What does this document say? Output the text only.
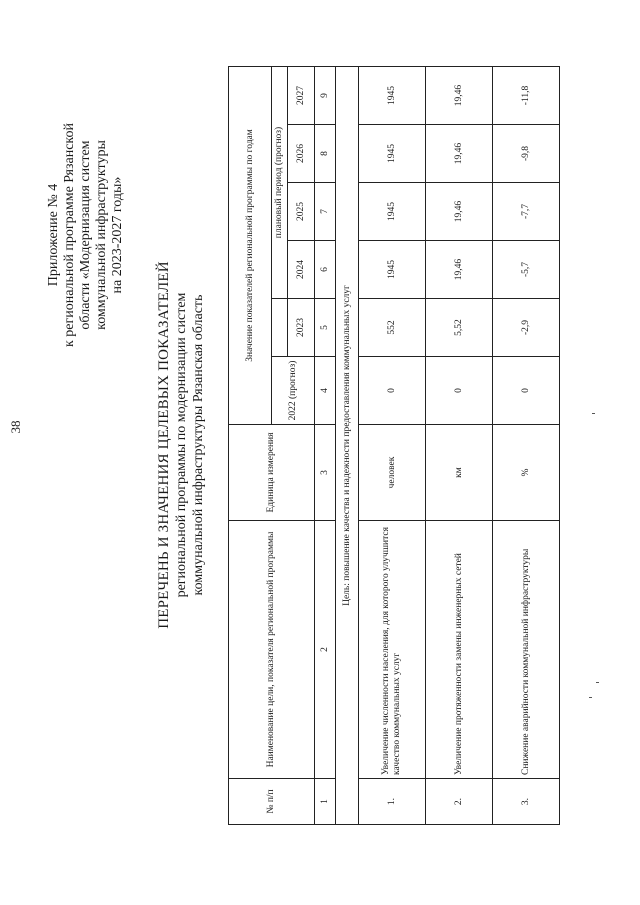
38
Приложение № 4 к региональной программе Рязанской области «Модернизация систем коммунальной инфраструктуры на 2023-2027 годы»
ПЕРЕЧЕНЬ И ЗНАЧЕНИЯ ЦЕЛЕВЫХ ПОКАЗАТЕЛЕЙ региональной программы по модернизации систем коммунальной инфраструктуры Рязанская область
№ п/п	Наименование цели, показателя региональной программы	Единица измерения	Значение показателей региональной программы по годам					
			2022 (прогноз)		плановый период (прогноз)			
				2023	2024	2025	2026	2027
1	2	3	4	5	6	7	8	9
Цель: повышение качества и надежности предоставления коммунальных услуг								
1.	Увеличение численности населения, для которого улучшится качество коммунальных услуг	человек	0	552	1945	1945	1945	1945
2.	Увеличение протяженности замены инженерных сетей	км	0	5,52	19,46	19,46	19,46	19,46
3.	Снижение аварийности коммунальной инфраструктуры	%	0	-2,9	-5,7	-7,7	-9,8	-11,8
